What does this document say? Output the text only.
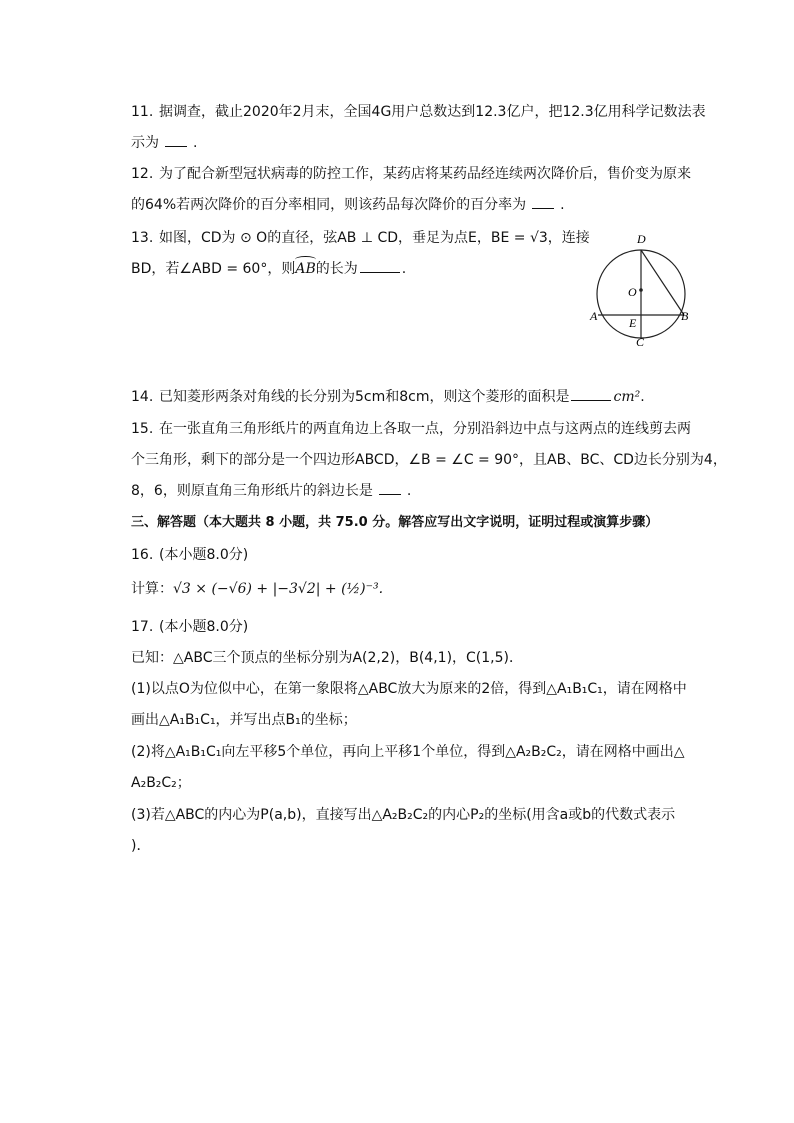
11. 据调查，截止2020年2月末，全国4G用户总数达到12.3亿户，把12.3亿用科学记数法表
示为 .
12. 为了配合新型冠状病毒的防控工作，某药店将某药品经连续两次降价后，售价变为原来
的64%若两次降价的百分率相同，则该药品每次降价的百分率为 .
13. 如图，CD为 ⊙ O的直径，弦AB ⊥ CD，垂足为点E，BE = √3，连接
BD，若∠ABD = 60°，则
AB的长为	.
D
O
A	E	B
C
14. 已知菱形两条对角线的长分别为5cm和8cm，则这个菱形的面积是	cm².
15. 在一张直角三角形纸片的两直角边上各取一点，分别沿斜边中点与这两点的连线剪去两
个三角形，剩下的部分是一个四边形ABCD，∠B = ∠C = 90°，且AB、BC、CD边长分别为4，
8，6，则原直角三角形纸片的斜边长是 .
三、解答题（本大题共 8 小题，共 75.0 分。解答应写出文字说明，证明过程或演算步骤）
16. (本小题8.0分)
计算：√3 × (−√6) + |−3√2| + (½)⁻³.
17. (本小题8.0分)
已知：△ABC三个顶点的坐标分别为A(2,2)，B(4,1)，C(1,5)．
(1)以点O为位似中心，在第一象限将△ABC放大为原来的2倍，得到△A₁B₁C₁，请在网格中
画出△A₁B₁C₁，并写出点B₁的坐标；
(2)将△A₁B₁C₁向左平移5个单位，再向上平移1个单位，得到△A₂B₂C₂，请在网格中画出△
A₂B₂C₂；
(3)若△ABC的内心为P(a,b)，直接写出△A₂B₂C₂的内心P₂的坐标(用含a或b的代数式表示
)．
